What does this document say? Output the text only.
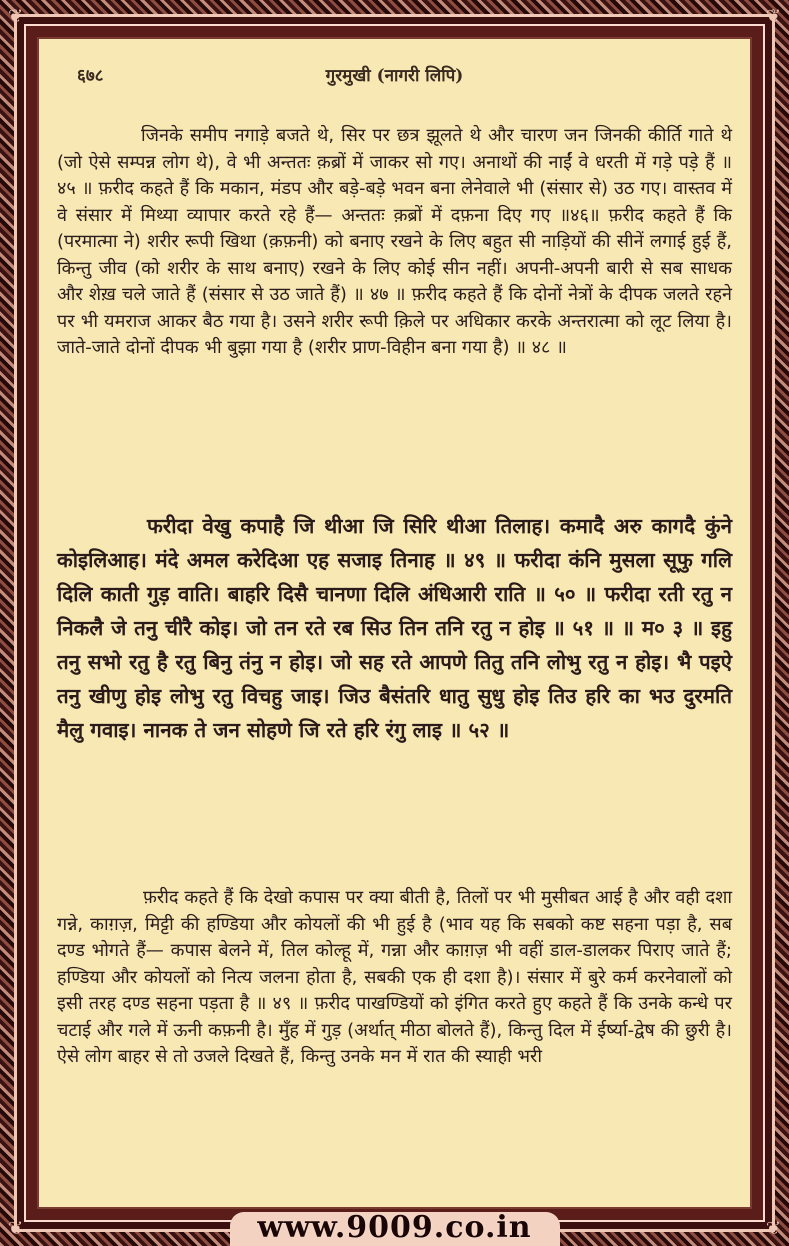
❦	❦
❦	❦
६७८	गुरमुखी (नागरी लिपि)

जिनके समीप नगाड़े बजते थे, सिर पर छत्र झूलते थे और चारण जन जिनकी कीर्ति गाते थे (जो ऐसे सम्पन्न लोग थे), वे भी अन्ततः क़ब्रों में जाकर सो गए। अनाथों की नाईं वे धरती में गड़े पड़े हैं ॥ ४५ ॥ फ़रीद कहते हैं कि मकान, मंडप और बड़े-बड़े भवन बना लेनेवाले भी (संसार से) उठ गए। वास्तव में वे संसार में मिथ्या व्यापार करते रहे हैं— अन्ततः क़ब्रों में दफ़ना दिए गए ॥४६॥ फ़रीद कहते हैं कि (परमात्मा ने) शरीर रूपी खिथा (क़फ़नी) को बनाए रखने के लिए बहुत सी नाड़ियों की सीनें लगाई हुई हैं, किन्तु जीव (को शरीर के साथ बनाए) रखने के लिए कोई सीन नहीं। अपनी-अपनी बारी से सब साधक और शेख़ चले जाते हैं (संसार से उठ जाते हैं) ॥ ४७ ॥ फ़रीद कहते हैं कि दोनों नेत्रों के दीपक जलते रहने पर भी यमराज आकर बैठ गया है। उसने शरीर रूपी क़िले पर अधिकार करके अन्तरात्मा को लूट लिया है। जाते-जाते दोनों दीपक भी बुझा गया है (शरीर प्राण-विहीन बना गया है) ॥ ४८ ॥

फरीदा वेखु कपाहै जि थीआ जि सिरि थीआ तिलाह। कमादै अरु कागदै कुंने कोइलिआह। मंदे अमल करेदिआ एह सजाइ तिनाह ॥ ४९ ॥ फरीदा कंनि मुसला सूफु गलि दिलि काती गुड़ वाति। बाहरि दिसै चानणा दिलि अंधिआरी राति ॥ ५० ॥ फरीदा रती रतु न निकलै जे तनु चीरै कोइ। जो तन रते रब सिउ तिन तनि रतु न होइ ॥ ५१ ॥ ॥ म० ३ ॥ इहु तनु सभो रतु है रतु बिनु तंनु न होइ। जो सह रते आपणे तितु तनि लोभु रतु न होइ। भै पइऐ तनु खीणु होइ लोभु रतु विचहु जाइ। जिउ बैसंतरि धातु सुधु होइ तिउ हरि का भउ दुरमति मैलु गवाइ। नानक ते जन सोहणे जि रते हरि रंगु लाइ ॥ ५२ ॥

फ़रीद कहते हैं कि देखो कपास पर क्या बीती है, तिलों पर भी मुसीबत आई है और वही दशा गन्ने, काग़ज़, मिट्टी की हण्डिया और कोयलों की भी हुई है (भाव यह कि सबको कष्ट सहना पड़ा है, सब दण्ड भोगते हैं— कपास बेलने में, तिल कोल्हू में, गन्ना और काग़ज़ भी वहीं डाल-डालकर पिराए जाते हैं; हण्डिया और कोयलों को नित्य जलना होता है, सबकी एक ही दशा है)। संसार में बुरे कर्म करनेवालों को इसी तरह दण्ड सहना पड़ता है ॥ ४९ ॥ फ़रीद पाखण्डियों को इंगित करते हुए कहते हैं कि उनके कन्धे पर चटाई और गले में ऊनी कफ़नी है। मुँह में गुड़ (अर्थात् मीठा बोलते हैं), किन्तु दिल में ईर्ष्या-द्वेष की छुरी है। ऐसे लोग बाहर से तो उजले दिखते हैं, किन्तु उनके मन में रात की स्याही भरी

www.9009.co.in
